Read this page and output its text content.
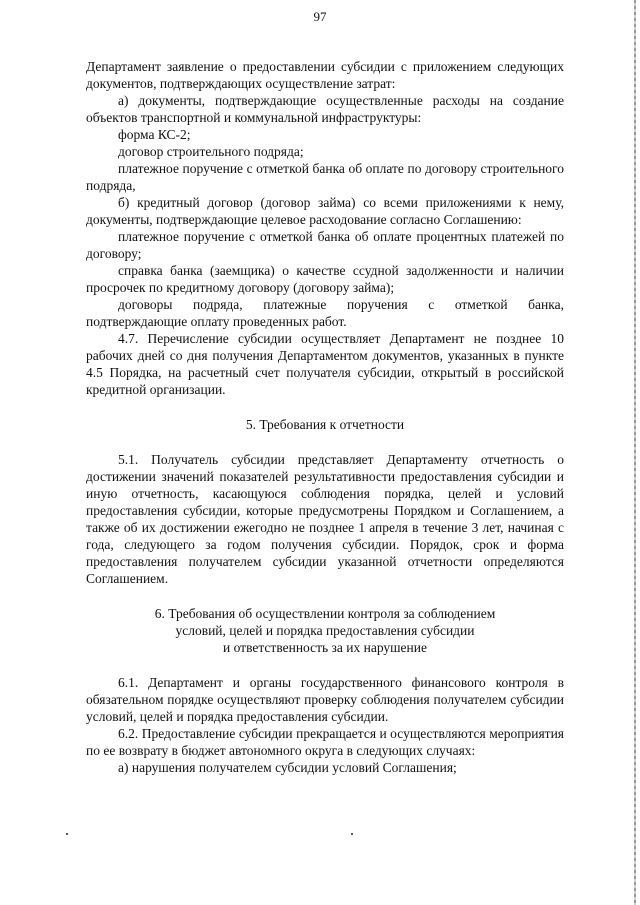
97

Департамент заявление о предоставлении субсидии с приложением следующих документов, подтверждающих осуществление затрат:

а) документы, подтверждающие осуществленные расходы на создание объектов транспортной и коммунальной инфраструктуры:

форма КС-2;

договор строительного подряда;

платежное поручение с отметкой банка об оплате по договору строительного подряда,

б) кредитный договор (договор займа) со всеми приложениями к нему, документы, подтверждающие целевое расходование согласно Соглашению:

платежное поручение с отметкой банка об оплате процентных платежей по договору;

справка банка (заемщика) о качестве ссудной задолженности и наличии просрочек по кредитному договору (договору займа);

договоры подряда, платежные поручения с отметкой банка, подтверждающие оплату проведенных работ.

4.7. Перечисление субсидии осуществляет Департамент не позднее 10 рабочих дней со дня получения Департаментом документов, указанных в пункте 4.5 Порядка, на расчетный счет получателя субсидии, открытый в российской кредитной организации.

5. Требования к отчетности

5.1. Получатель субсидии представляет Департаменту отчетность о достижении значений показателей результативности предоставления субсидии и иную отчетность, касающуюся соблюдения порядка, целей и условий предоставления субсидии, которые предусмотрены Порядком и Соглашением, а также об их достижении ежегодно не позднее 1 апреля в течение 3 лет, начиная с года, следующего за годом получения субсидии. Порядок, срок и форма предоставления получателем субсидии указанной отчетности определяются Соглашением.

6. Требования об осуществлении контроля за соблюдением
условий, целей и порядка предоставления субсидии
и ответственность за их нарушение

6.1. Департамент и органы государственного финансового контроля в обязательном порядке осуществляют проверку соблюдения получателем субсидии условий, целей и порядка предоставления субсидии.

6.2. Предоставление субсидии прекращается и осуществляются мероприятия по ее возврату в бюджет автономного округа в следующих случаях:

а) нарушения получателем субсидии условий Соглашения;
